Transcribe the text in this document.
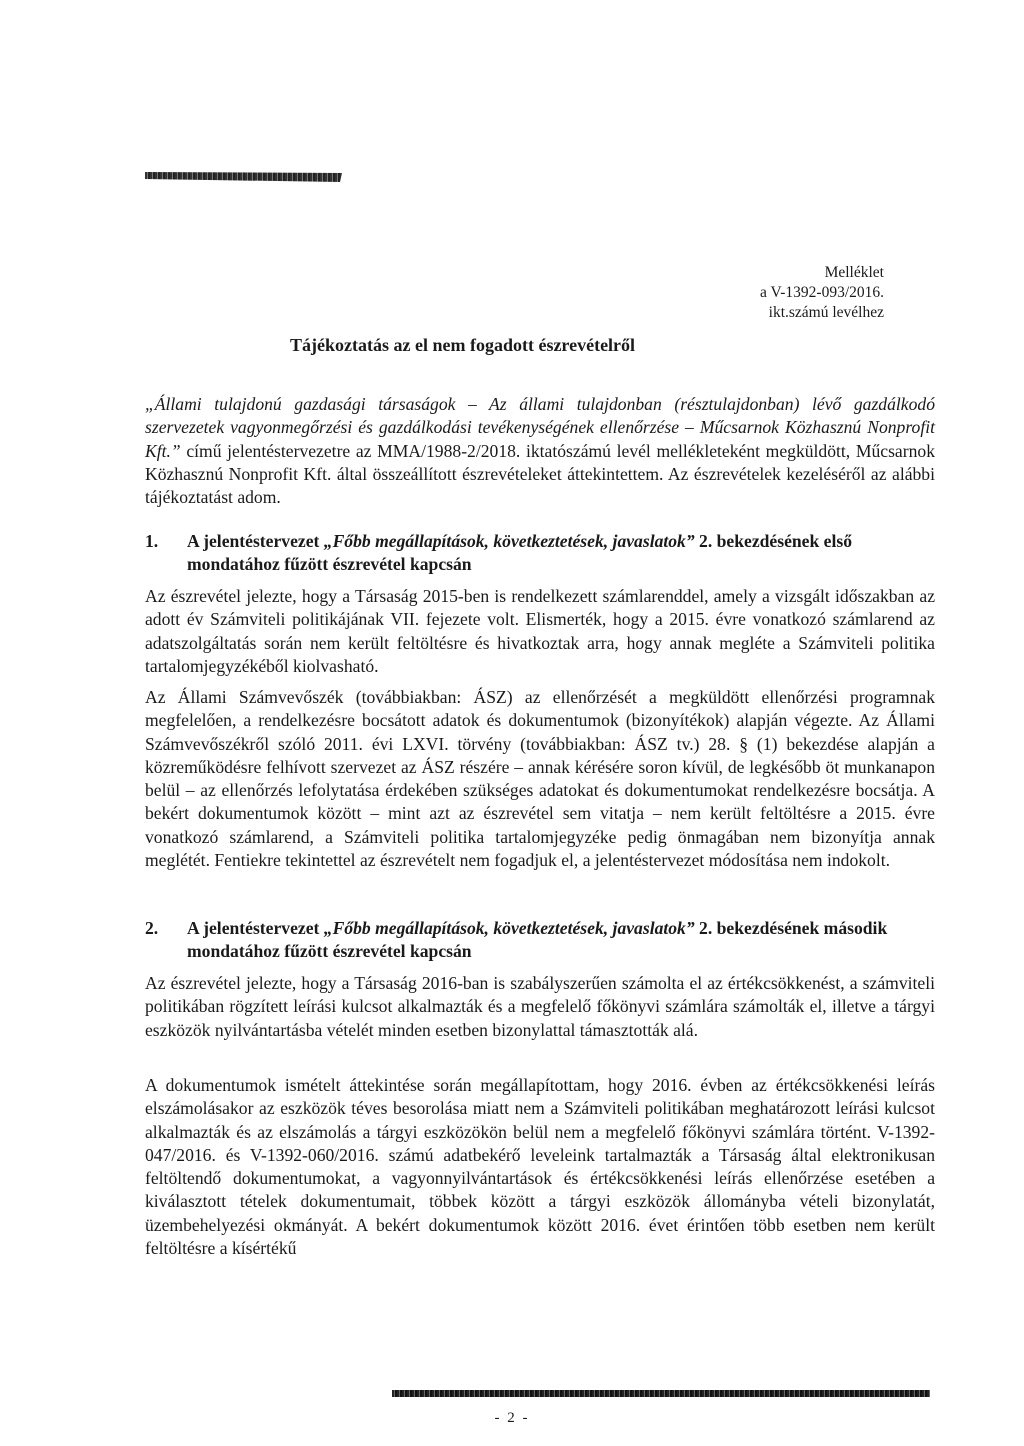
Melléklet
a V-1392-093/2016.
ikt.számú levélhez
Tájékoztatás az el nem fogadott észrevételről
„Állami tulajdonú gazdasági társaságok – Az állami tulajdonban (résztulajdonban) lévő gazdálkodó szervezetek vagyonmegőrzési és gazdálkodási tevékenységének ellenőrzése – Műcsarnok Közhasznú Nonprofit Kft.” című jelentéstervezetre az MMA/1988-2/2018. iktatószámú levél mellékleteként megküldött, Műcsarnok Közhasznú Nonprofit Kft. által összeállított észrevételeket áttekintettem. Az észrevételek kezeléséről az alábbi tájékoztatást adom.
1. A jelentéstervezet „Főbb megállapítások, következtetések, javaslatok” 2. bekezdésének első mondatához fűzött észrevétel kapcsán
Az észrevétel jelezte, hogy a Társaság 2015-ben is rendelkezett számlarenddel, amely a vizsgált időszakban az adott év Számviteli politikájának VII. fejezete volt. Elismerték, hogy a 2015. évre vonatkozó számlarend az adatszolgáltatás során nem került feltöltésre és hivatkoztak arra, hogy annak megléte a Számviteli politika tartalomjegyzékéből kiolvasható.
Az Állami Számvevőszék (továbbiakban: ÁSZ) az ellenőrzését a megküldött ellenőrzési programnak megfelelően, a rendelkezésre bocsátott adatok és dokumentumok (bizonyítékok) alapján végezte. Az Állami Számvevőszékről szóló 2011. évi LXVI. törvény (továbbiakban: ÁSZ tv.) 28. § (1) bekezdése alapján a közreműködésre felhívott szervezet az ÁSZ részére – annak kérésére soron kívül, de legkésőbb öt munkanapon belül – az ellenőrzés lefolytatása érdekében szükséges adatokat és dokumentumokat rendelkezésre bocsátja. A bekért dokumentumok között – mint azt az észrevétel sem vitatja – nem került feltöltésre a 2015. évre vonatkozó számlarend, a Számviteli politika tartalomjegyzéke pedig önmagában nem bizonyítja annak meglétét. Fentiekre tekintettel az észrevételt nem fogadjuk el, a jelentéstervezet módosítása nem indokolt.
2. A jelentéstervezet „Főbb megállapítások, következtetések, javaslatok” 2. bekezdésének második mondatához fűzött észrevétel kapcsán
Az észrevétel jelezte, hogy a Társaság 2016-ban is szabályszerűen számolta el az értékcsökkenést, a számviteli politikában rögzített leírási kulcsot alkalmazták és a megfelelő főkönyvi számlára számolták el, illetve a tárgyi eszközök nyilvántartásba vételét minden esetben bizonylattal támasztották alá.
A dokumentumok ismételt áttekintése során megállapítottam, hogy 2016. évben az értékcsökkenési leírás elszámolásakor az eszközök téves besorolása miatt nem a Számviteli politikában meghatározott leírási kulcsot alkalmazták és az elszámolás a tárgyi eszközökön belül nem a megfelelő főkönyvi számlára történt. V-1392-047/2016. és V-1392-060/2016. számú adatbekérő leveleink tartalmazták a Társaság által elektronikusan feltöltendő dokumentumokat, a vagyonnyilvántartások és értékcsökkenési leírás ellenőrzése esetében a kiválasztott tételek dokumentumait, többek között a tárgyi eszközök állományba vételi bizonylatát, üzembehelyezési okmányát. A bekért dokumentumok között 2016. évet érintően több esetben nem került feltöltésre a kísértékű
- 2 -
